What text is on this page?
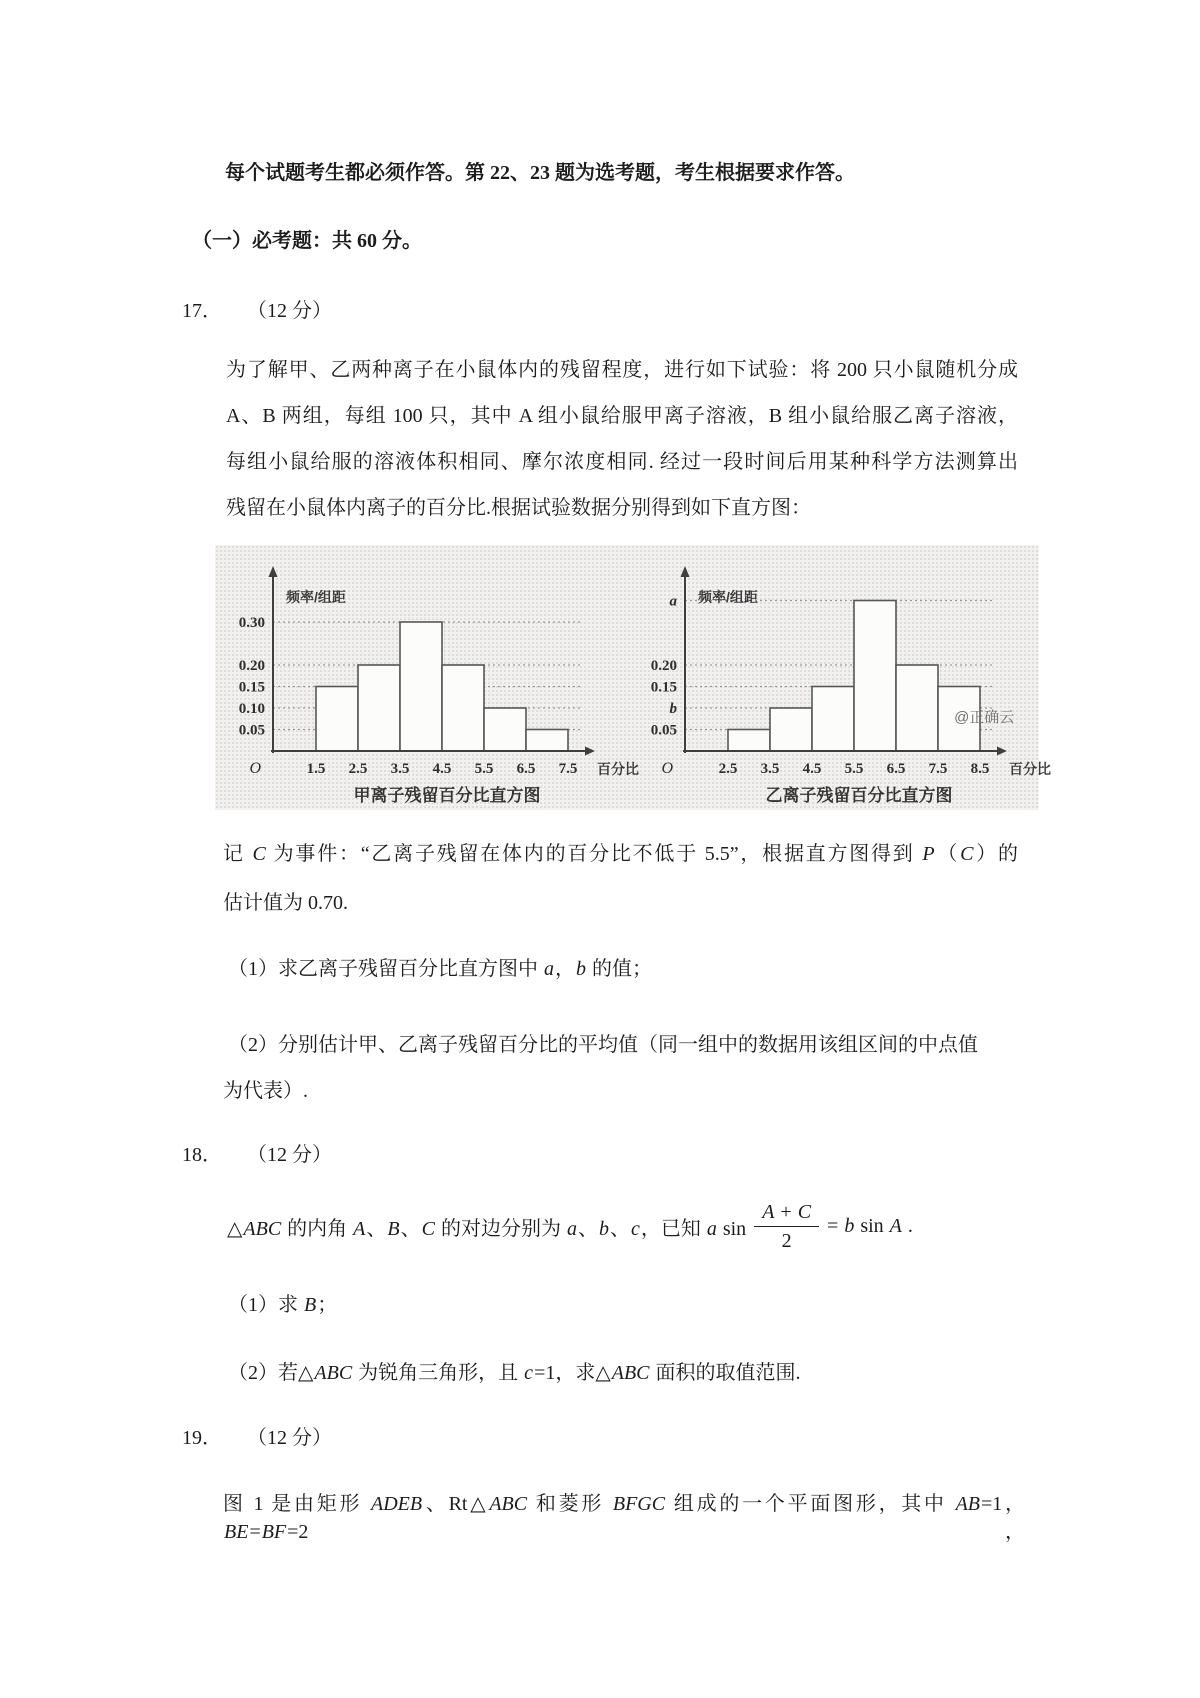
每个试题考生都必须作答。第 22、23 题为选考题，考生根据要求作答。
（一）必考题：共 60 分。
17． （12 分）
为了解甲、乙两种离子在小鼠体内的残留程度，进行如下试验：将 200 只小鼠随机分成
A、B 两组，每组 100 只，其中 A 组小鼠给服甲离子溶液，B 组小鼠给服乙离子溶液，
每组小鼠给服的溶液体积相同、摩尔浓度相同. 经过一段时间后用某种科学方法测算出
残留在小鼠体内离子的百分比.根据试验数据分别得到如下直方图：
0.30
0.20
0.15
0.10
0.05
频率/组距
O	1.5 2.5 3.5 4.5 5.5 6.5 7.5 百分比
甲离子残留百分比直方图
a
0.20
0.15
b
0.05
频率/组距
O	2.5 3.5 4.5 5.5 6.5 7.5 8.5 百分比
@正确云
乙离子残留百分比直方图
记 C 为事件：“乙离子残留在体内的百分比不低于 5.5”，根据直方图得到 P（C）的
估计值为 0.70.
（1）求乙离子残留百分比直方图中 a，b 的值；
（2）分别估计甲、乙离子残留百分比的平均值（同一组中的数据用该组区间的中点值
为代表）.
18． （12 分）
△ABC 的内角 A、B、C 的对边分别为 a、b、c，已知 a $\sin \frac{A + C}{2} = b$ sin A .
（1）求 B；
（2）若△ABC 为锐角三角形，且 c=1，求△ABC 面积的取值范围.
19． （12 分）
图 1 是由矩形 ADEB、Rt△ABC 和菱形 BFGC 组成的一个平面图形，其中 AB=1，BE=BF=2，
